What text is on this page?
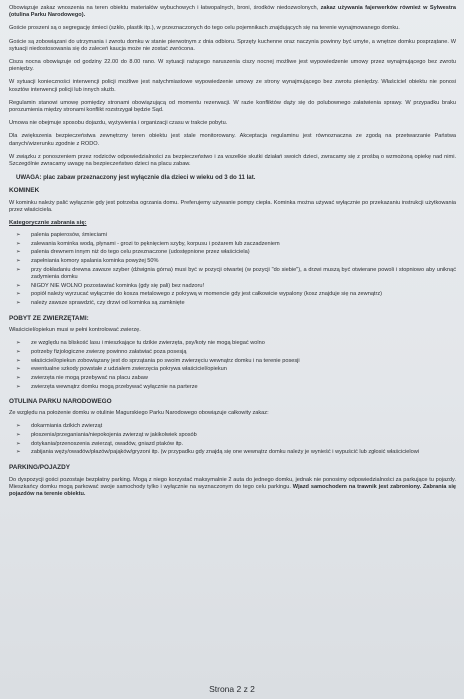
Obowiązuje zakaz wnoszenia na teren obiektu materiałów wybuchowych i łatwopalnych, broni, środków niedozwolonych, zakaz używania fajerwerków również w Sylwestra (otulina Parku Narodowego).

Goście proszeni są o segregację śmieci (szkło, plastik itp.), w przeznaczonych do tego celu pojemnikach znajdujących się na terenie wynajmowanego domku.

Goście są zobowiązani do utrzymania i zwrotu domku w stanie pierwotnym z dnia odbioru. Sprzęty kuchenne oraz naczynia powinny być umyte, a wnętrze domku posprzątane. W sytuacji niedostosowania się do zaleceń kaucja może nie zostać zwrócona.

Cisza nocna obowiązuje od godziny 22.00 do 8.00 rano. W sytuacji rażącego naruszenia ciszy nocnej możliwe jest wypowiedzenie umowy przez wynajmującego bez zwrotu pieniędzy.

W sytuacji konieczności interwencji policji możliwe jest natychmiastowe wypowiedzenie umowy ze strony wynajmującego bez zwrotu pieniędzy. Właściciel obiektu nie ponosi kosztów interwencji policji lub innych służb.

Regulamin stanowi umowę pomiędzy stronami obowiązującą od momentu rezerwacji. W razie konfliktów dąży się do polubownego załatwienia sprawy. W przypadku braku porozumienia między stronami konflikt rozstrzygał będzie Sąd.

Umowa nie obejmuje sposobu dojazdu, wyżywienia i organizacji czasu w trakcie pobytu.

Dla zwiększenia bezpieczeństwa zewnętrzny teren obiektu jest stale monitorowany. Akceptacja regulaminu jest równoznaczna ze zgodą na przetwarzanie Państwa danych/wizerunku zgodnie z RODO.

W związku z ponoszeniem przez rodziców odpowiedzialności za bezpieczeństwo i za wszelkie skutki działań swoich dzieci, zwracamy się z prośbą o wzmożoną opiekę nad nimi. Szczególnie zwracamy uwagę na bezpieczeństwo dzieci na placu zabaw.

UWAGA: plac zabaw przeznaczony jest wyłącznie dla dzieci w wieku od 3 do 11 lat.

KOMINEK

W kominku należy palić wyłącznie gdy jest potrzeba ogrzania domu. Preferujemy używanie pompy ciepła. Kominka można używać wyłącznie po przekazaniu instrukcji użytkowania przez właściciela.

Kategorycznie zabrania się:
➢ palenia papierosów, śmieciami
➢ zalewania kominka wodą, płynami - grozi to pęknięciem szyby, korpusu i pożarem lub zaczadzeniem
➢ palenia drewnem innym niż do tego celu przeznaczone (udostępnione przez właściciela)
➢ zapełniania komory spalania kominka powyżej 50%
➢ przy dokładaniu drewna zawsze szyber (dźwignia górna) musi być w pozycji otwartej (w pozycji "do siebie"), a drzwi muszą być otwierane powoli i stopniowo aby uniknąć zadymienia domku
➢ NIGDY NIE WOLNO pozostawiać kominka (gdy się pali) bez nadzoru!
➢ popiół należy wyrzucać wyłącznie do kosza metalowego z pokrywą w momencie gdy jest całkowicie wypalony (kosz znajduje się na zewnątrz)
➢ należy zawsze sprawdzić, czy drzwi od kominka są zamknięte
POBYT ZE ZWIERZĘTAMI:

Właściciel/opiekun musi w pełni kontrolować zwierzę.

➢ ze względu na bliskość lasu i mieszkające tu dzikie zwierzęta, psy/koty nie mogą biegać wolno
➢ potrzeby fizjologiczne zwierzę powinno załatwiać poza posesją
➢ właściciel/opiekun zobowiązany jest do sprzątania po swoim zwierzęciu wewnątrz domku i na terenie posesji
➢ ewentualne szkody powstałe z udziałem zwierzęcia pokrywa właściciel/opiekun
➢ zwierzęta nie mogą przebywać na placu zabaw
➢ zwierzęta wewnątrz domku mogą przebywać wyłącznie na parterze
OTULINA PARKU NARODOWEGO

Ze względu na położenie domku w otulinie Magurskiego Parku Narodowego obowiązuje całkowity zakaz:

➢ dokarmiania dzikich zwierząt
➢ płoszenia/przeganiania/niepokojenia zwierząt w jakikolwiek sposób
➢ dotykania/przenoszenia zwierząt, owadów, gniazd ptaków itp.
➢ zabijania węży/owadów/płazów/pająków/gryzoni itp. (w przypadku gdy znajdą się one wewnątrz domku należy je wynieść i wypuścić lub zgłosić właścicielowi
PARKING/POJAZDY

Do dyspozycji gości pozostaje bezpłatny parking. Mogą z niego korzystać maksymalnie 2 auta do jednego domku, jednak nie ponosimy odpowiedzialności za parkujące tu pojazdy. Mieszkańcy domku mogą parkować swoje samochody tylko i wyłącznie na wyznaczonym do tego celu parkingu. Wjazd samochodem na trawnik jest zabroniony. Zabrania się pojazdów na terenie obiektu.

Strona 2 z 2
